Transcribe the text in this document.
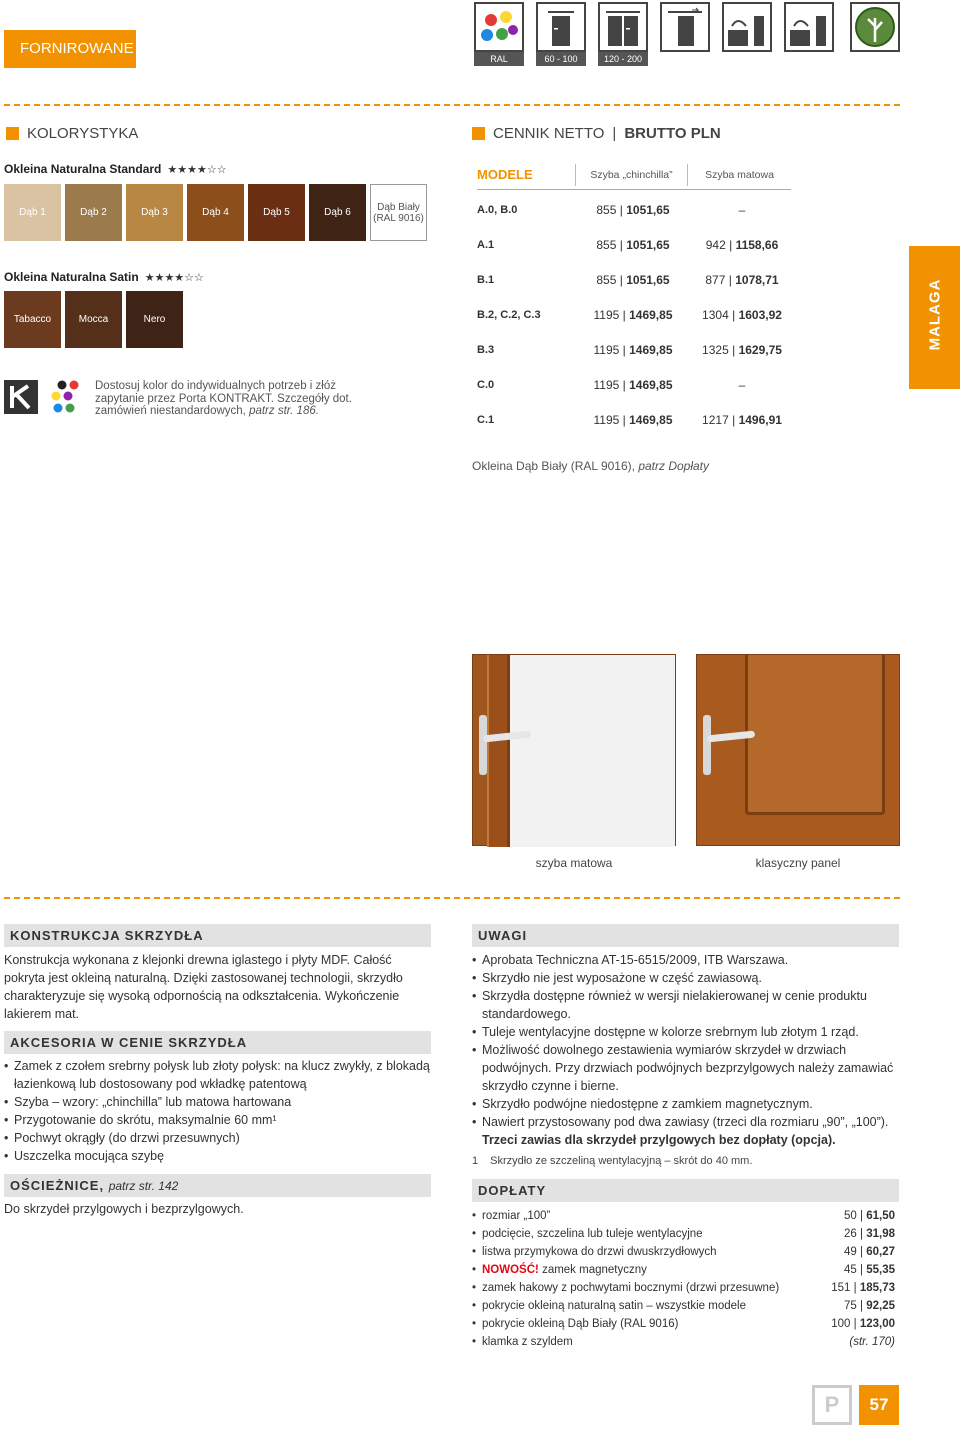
FORNIROWANE
RAL	60 - 100	120 - 200
KOLORYSTYKA
Okleina Naturalna Standard ★★★★☆☆
Dąb 1	Dąb 2	Dąb 3	Dąb 4	Dąb 5	Dąb 6	Dąb Biały (RAL 9016)
Okleina Naturalna Satin ★★★★☆☆
Tabacco	Mocca	Nero
Dostosuj kolor do indywidualnych potrzeb i złóż zapytanie przez Porta KONTRAKT. Szczegóły dot. zamówień niestandardowych, patrz str. 186.
CENNIK NETTO | BRUTTO PLN
MODELE	Szyba „chinchilla”	Szyba matowa
A.0, B.0	855 | 1051,65	–
A.1	855 | 1051,65	942 | 1158,66
B.1	855 | 1051,65	877 | 1078,71
B.2, C.2, C.3	1195 | 1469,85	1304 | 1603,92
B.3	1195 | 1469,85	1325 | 1629,75
C.0	1195 | 1469,85	–
C.1	1195 | 1469,85	1217 | 1496,91
Okleina Dąb Biały (RAL 9016), patrz Dopłaty
MALAGA
szyba matowa	klasyczny panel
KONSTRUKCJA SKRZYDŁA
Konstrukcja wykonana z klejonki drewna iglastego i płyty MDF. Całość pokryta jest okleiną naturalną. Dzięki zastosowanej technologii, skrzydło charakteryzuje się wysoką odpornością na odkształcenia. Wykończenie lakierem mat.
AKCESORIA W CENIE SKRZYDŁA
• Zamek z czołem srebrny połysk lub złoty połysk: na klucz zwykły, z blokadą łazienkową lub dostosowany pod wkładkę patentową
• Szyba – wzory: „chinchilla” lub matowa hartowana
• Przygotowanie do skrótu, maksymalnie 60 mm¹
• Pochwyt okrągły (do drzwi przesuwnych)
• Uszczelka mocująca szybę
OŚCIEŻNICE, patrz str. 142
Do skrzydeł przylgowych i bezprzylgowych.
UWAGI
• Aprobata Techniczna AT-15-6515/2009, ITB Warszawa.
• Skrzydło nie jest wyposażone w część zawiasową.
• Skrzydła dostępne również w wersji nielakierowanej w cenie produktu standardowego.
• Tuleje wentylacyjne dostępne w kolorze srebrnym lub złotym 1 rząd.
• Możliwość dowolnego zestawienia wymiarów skrzydeł w drzwiach podwójnych. Przy drzwiach podwójnych bezprzylgowych należy zamawiać skrzydło czynne i bierne.
• Skrzydło podwójne niedostępne z zamkiem magnetycznym.
• Nawiert przystosowany pod dwa zawiasy (trzeci dla rozmiaru „90”, „100”).
Trzeci zawias dla skrzydeł przylgowych bez dopłaty (opcja).
1 Skrzydło ze szczeliną wentylacyjną – skrót do 40 mm.
DOPŁATY
• rozmiar „100”	50 | 61,50
• podcięcie, szczelina lub tuleje wentylacyjne	26 | 31,98
• listwa przymykowa do drzwi dwuskrzydłowych	49 | 60,27
• NOWOŚĆ! zamek magnetyczny	45 | 55,35
• zamek hakowy z pochwytami bocznymi (drzwi przesuwne)	151 | 185,73
• pokrycie okleiną naturalną satin – wszystkie modele	75 | 92,25
• pokrycie okleiną Dąb Biały (RAL 9016)	100 | 123,00
• klamka z szyldem	(str. 170)
P	57
